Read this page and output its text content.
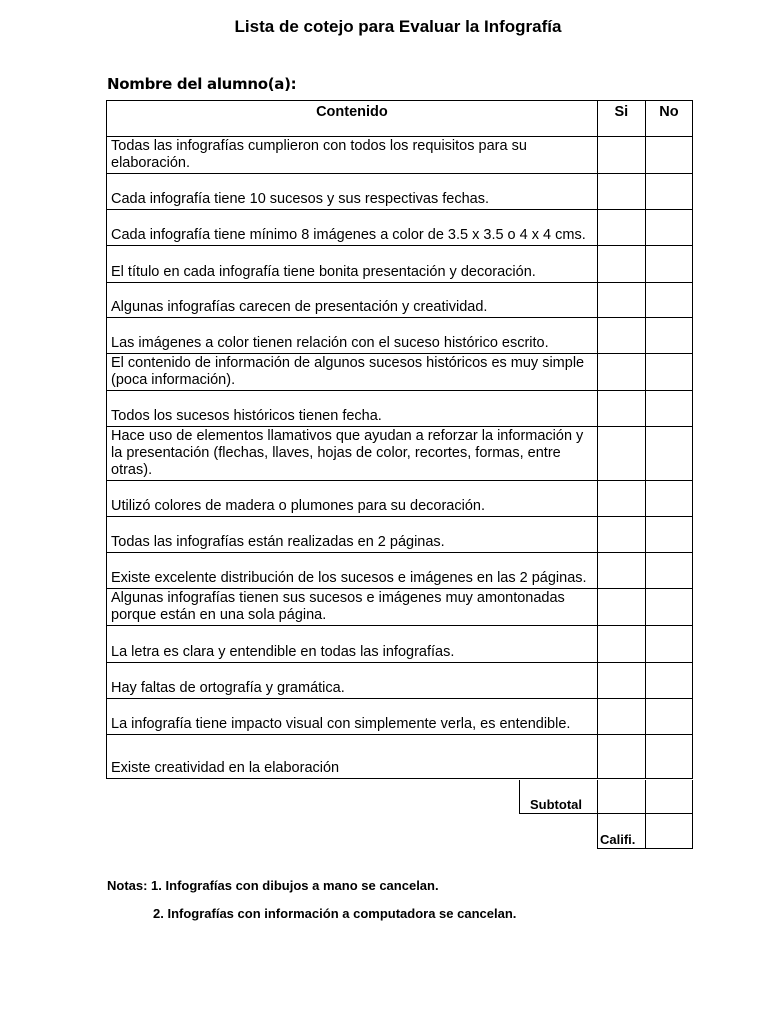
Lista de cotejo para Evaluar la Infografía
Nombre del alumno(a):
Contenido	Si	No
Todas las infografías cumplieron con todos los requisitos para su elaboración.		
Cada infografía tiene 10 sucesos y sus respectivas fechas.		
Cada infografía tiene mínimo 8 imágenes a color de 3.5 x 3.5 o 4 x 4 cms.		
El título en cada infografía tiene bonita presentación y decoración.		
Algunas infografías carecen de presentación y creatividad.		
Las imágenes a color tienen relación con el suceso histórico escrito.		
El contenido de información de algunos sucesos históricos es muy simple (poca información).		
Todos los sucesos históricos tienen fecha.		
Hace uso de elementos llamativos que ayudan a reforzar la información y la presentación (flechas, llaves, hojas de color, recortes, formas, entre otras).		
Utilizó colores de madera o plumones para su decoración.		
Todas las infografías están realizadas en 2 páginas.		
Existe excelente distribución de los sucesos e imágenes en las 2 páginas.		
Algunas infografías tienen sus sucesos e imágenes muy amontonadas porque están en una sola página.		
La letra es clara y entendible en todas las infografías.		
Hay faltas de ortografía y gramática.		
La infografía tiene impacto visual con simplemente verla, es entendible.		
Existe creatividad en la elaboración		
Subtotal
Califi.
Notas: 1. Infografías con dibujos a mano se cancelan.
2. Infografías con información a computadora se cancelan.
